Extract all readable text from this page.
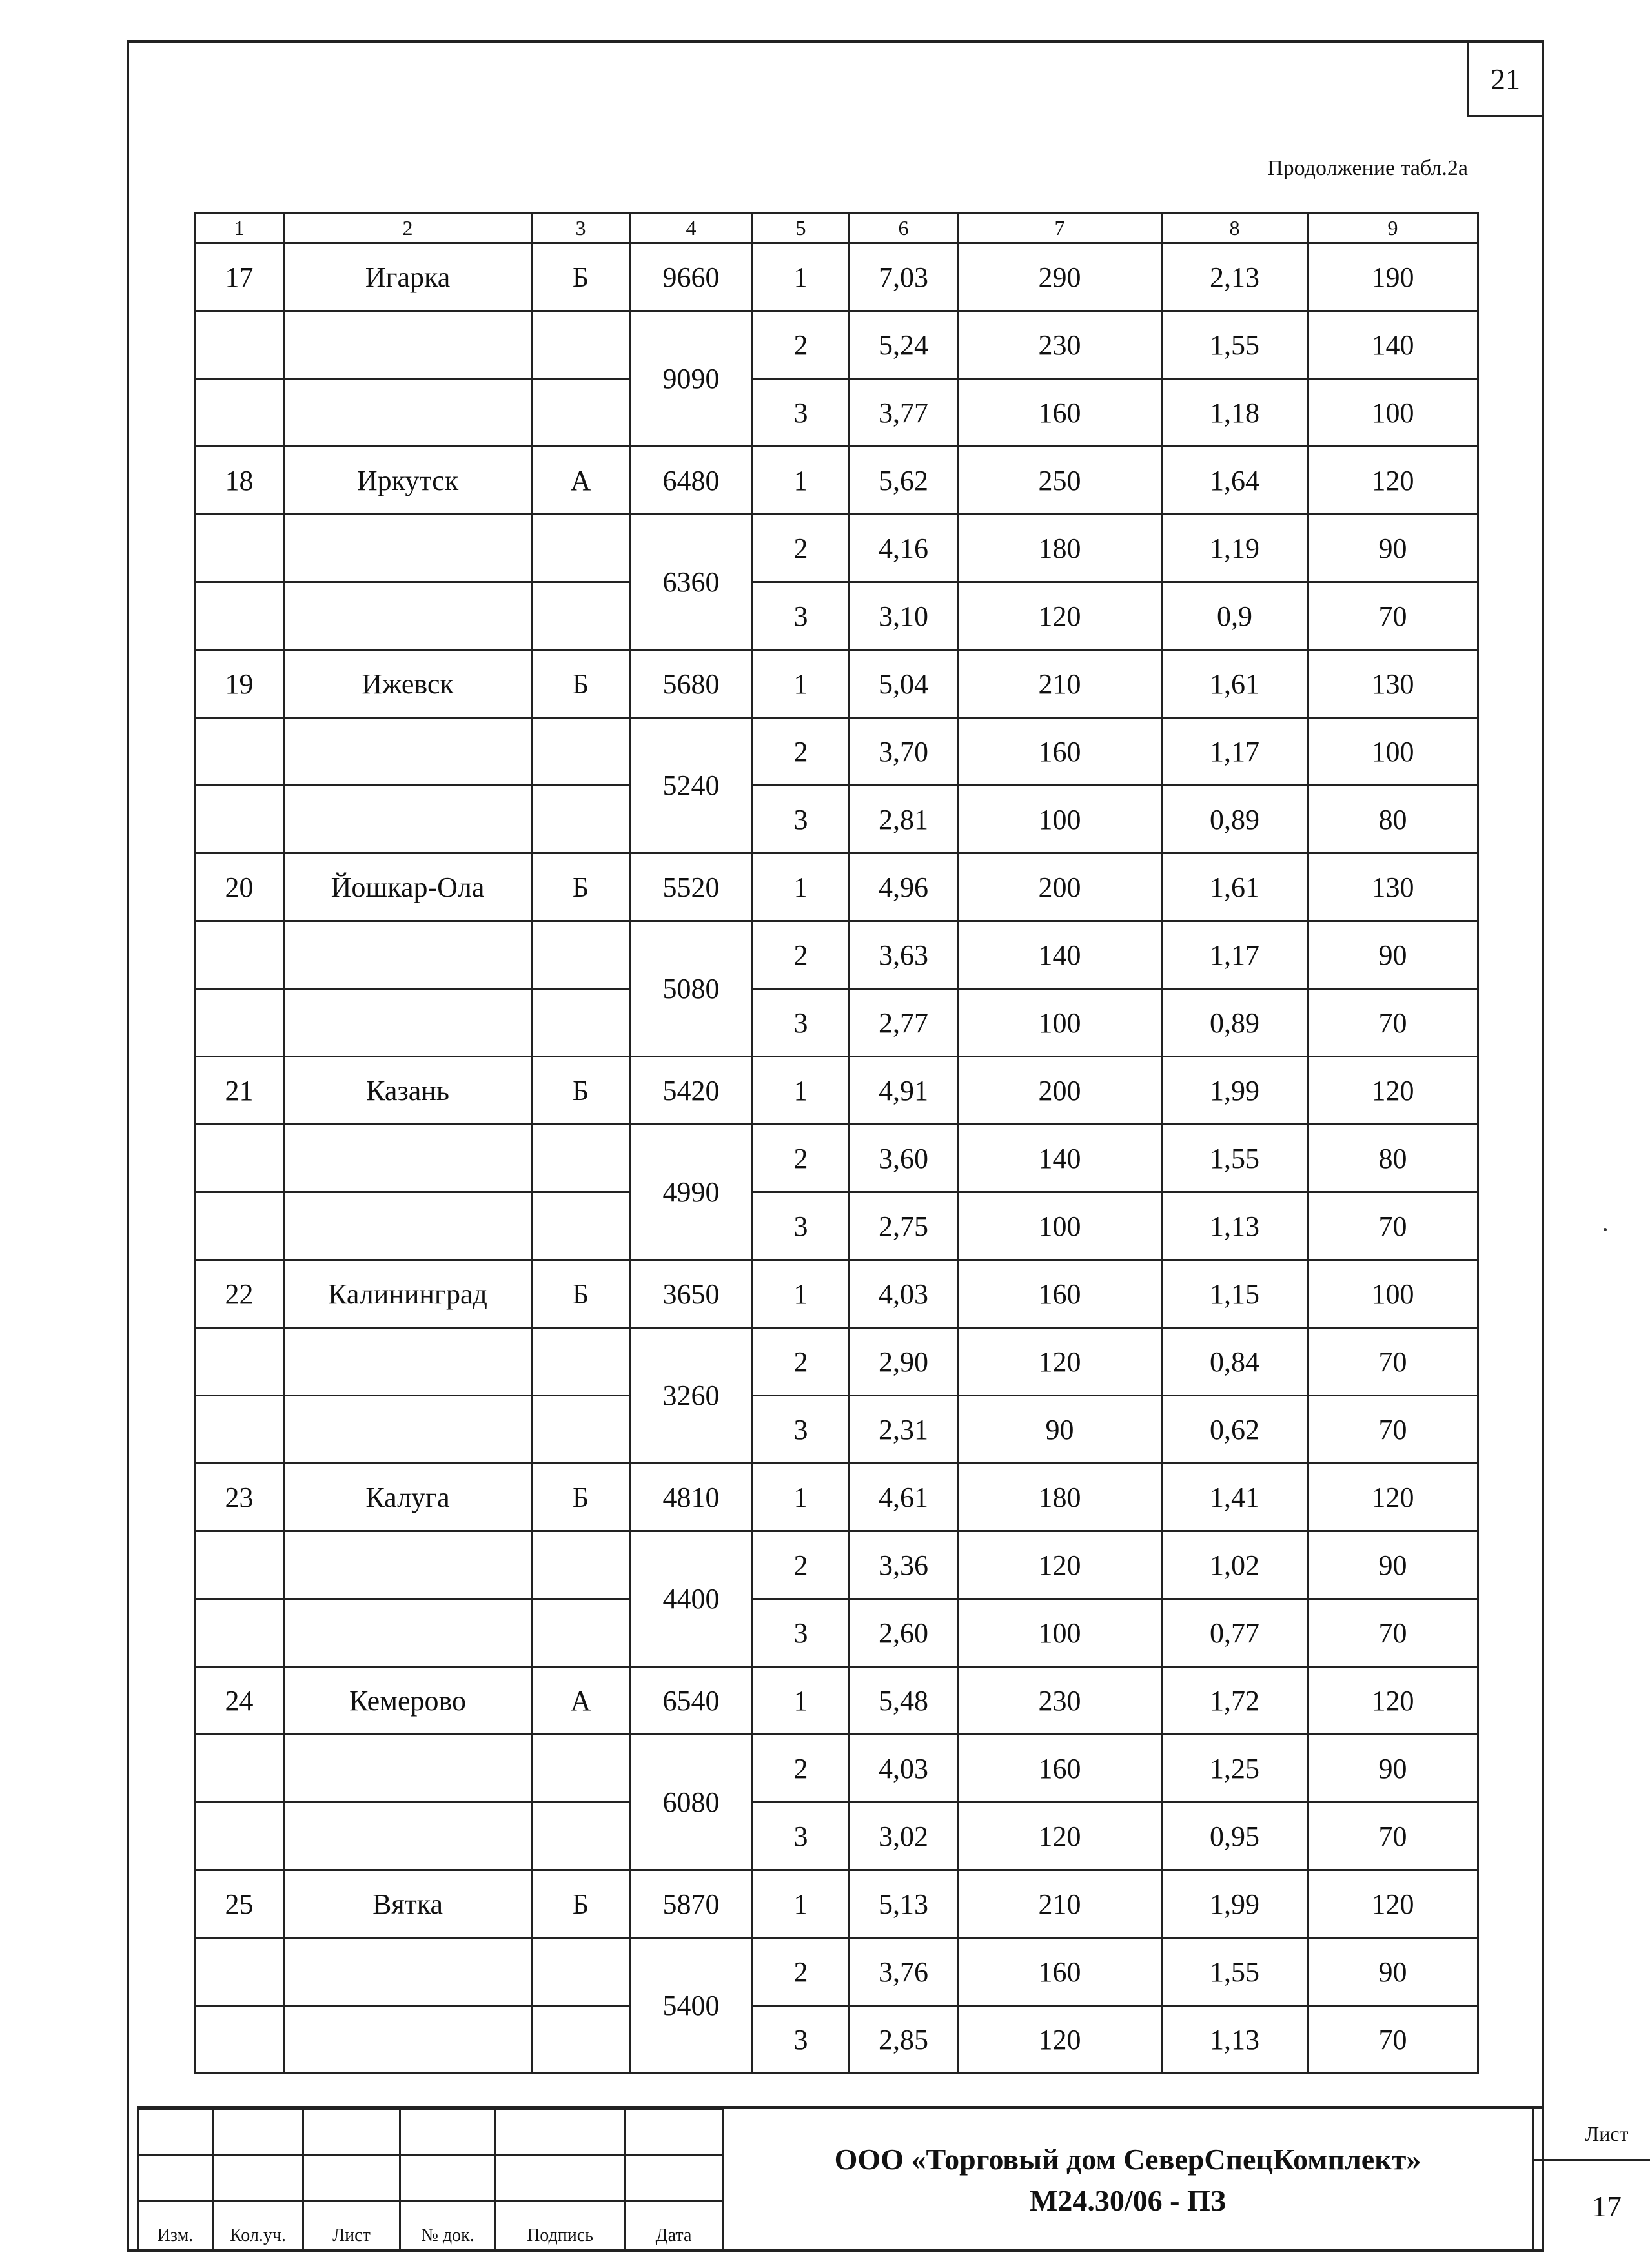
21
Продолжение табл.2а
1	2	3	4	5	6	7	8	9
17	Игарка	Б	9660	1	7,03	290	2,13	190
			9090	2	5,24	230	1,55	140
				3	3,77	160	1,18	100
18	Иркутск	А	6480	1	5,62	250	1,64	120
			6360	2	4,16	180	1,19	90
				3	3,10	120	0,9	70
19	Ижевск	Б	5680	1	5,04	210	1,61	130
			5240	2	3,70	160	1,17	100
				3	2,81	100	0,89	80
20	Йошкар-Ола	Б	5520	1	4,96	200	1,61	130
			5080	2	3,63	140	1,17	90
				3	2,77	100	0,89	70
21	Казань	Б	5420	1	4,91	200	1,99	120
			4990	2	3,60	140	1,55	80
				3	2,75	100	1,13	70
22	Калининград	Б	3650	1	4,03	160	1,15	100
			3260	2	2,90	120	0,84	70
				3	2,31	90	0,62	70
23	Калуга	Б	4810	1	4,61	180	1,41	120
			4400	2	3,36	120	1,02	90
				3	2,60	100	0,77	70
24	Кемерово	А	6540	1	5,48	230	1,72	120
			6080	2	4,03	160	1,25	90
				3	3,02	120	0,95	70
25	Вятка	Б	5870	1	5,13	210	1,99	120
			5400	2	3,76	160	1,55	90
				3	2,85	120	1,13	70

Изм.	Кол.уч.	Лист	№ док.	Подпись	Дата
ООО «Торговый дом СеверСпецКомплект»
М24.30/06 - ПЗ
Лист
17
